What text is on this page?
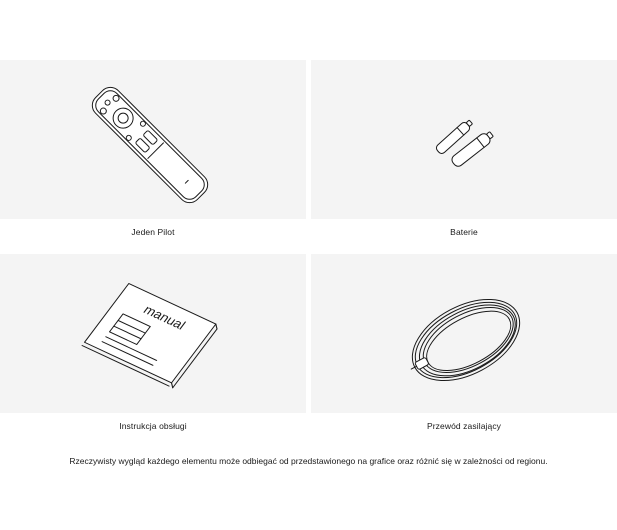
Jeden Pilot	Baterie
manual
Instrukcja obsługi	Przewód zasilający
Rzeczywisty wygląd każdego elementu może odbiegać od przedstawionego na grafice oraz różnić się w zależności od regionu.
